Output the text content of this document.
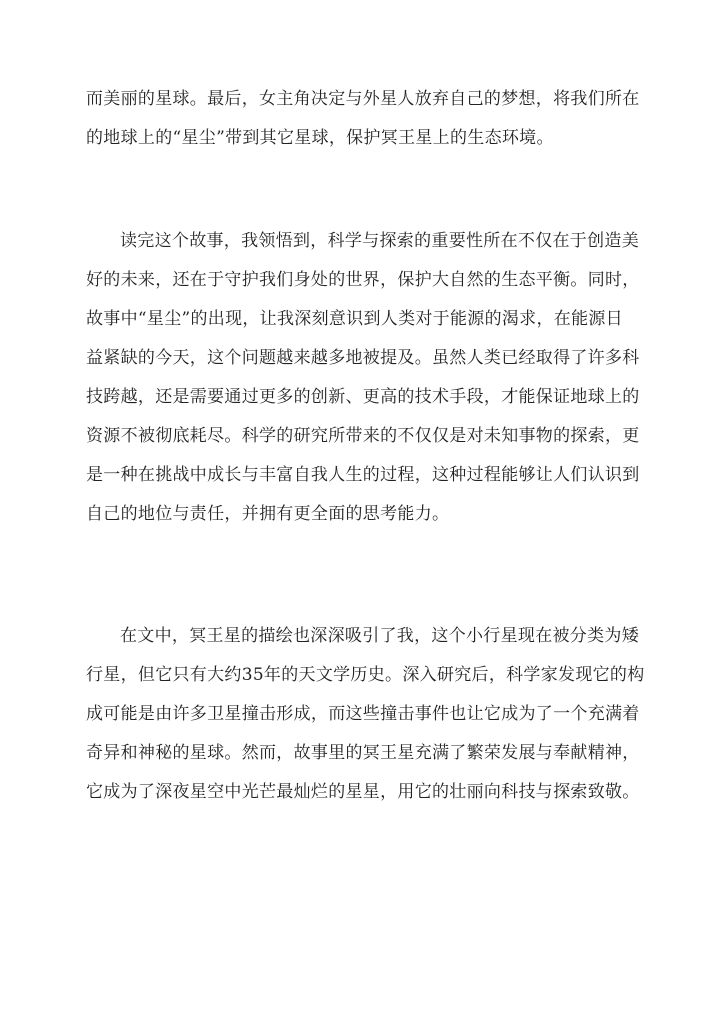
而美丽的星球。最后，女主角决定与外星人放弃自己的梦想，将我们所在
的地球上的“星尘”带到其它星球，保护冥王星上的生态环境。
读完这个故事，我领悟到，科学与探索的重要性所在不仅在于创造美
好的未来，还在于守护我们身处的世界，保护大自然的生态平衡。同时，
故事中“星尘”的出现，让我深刻意识到人类对于能源的渴求，在能源日
益紧缺的今天，这个问题越来越多地被提及。虽然人类已经取得了许多科
技跨越，还是需要通过更多的创新、更高的技术手段，才能保证地球上的
资源不被彻底耗尽。科学的研究所带来的不仅仅是对未知事物的探索，更
是一种在挑战中成长与丰富自我人生的过程，这种过程能够让人们认识到
自己的地位与责任，并拥有更全面的思考能力。
在文中，冥王星的描绘也深深吸引了我，这个小行星现在被分类为矮
行星，但它只有大约35年的天文学历史。深入研究后，科学家发现它的构
成可能是由许多卫星撞击形成，而这些撞击事件也让它成为了一个充满着
奇异和神秘的星球。然而，故事里的冥王星充满了繁荣发展与奉献精神，
它成为了深夜星空中光芒最灿烂的星星，用它的壮丽向科技与探索致敬。
